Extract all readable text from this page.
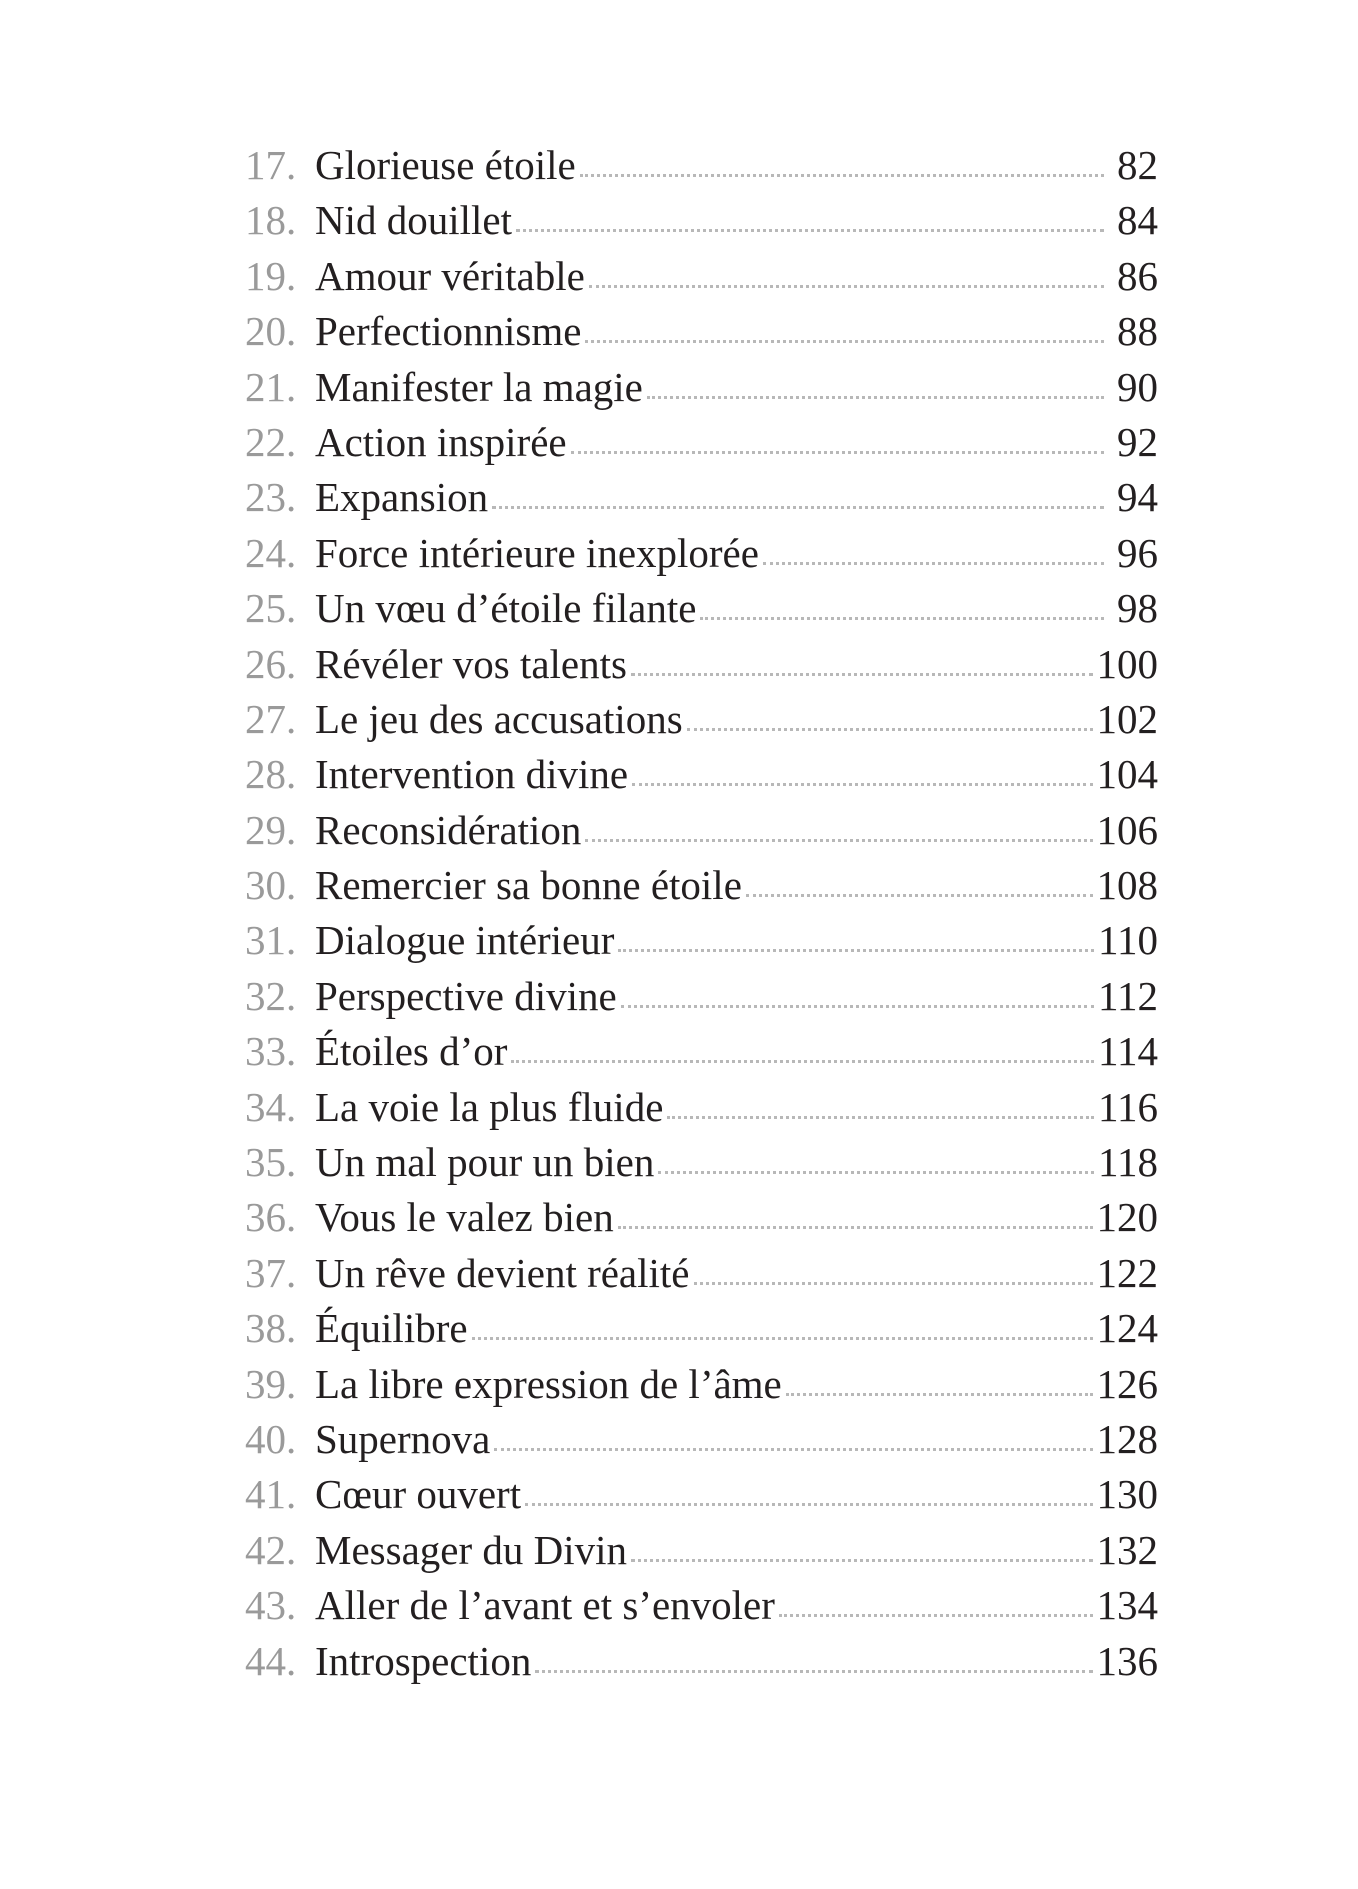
17. Glorieuse étoile	82
18. Nid douillet	84
19. Amour véritable	86
20. Perfectionnisme	88
21. Manifester la magie	90
22. Action inspirée	92
23. Expansion	94
24. Force intérieure inexplorée	96
25. Un vœu d’étoile filante	98
26. Révéler vos talents	100
27. Le jeu des accusations	102
28. Intervention divine	104
29. Reconsidération	106
30. Remercier sa bonne étoile	108
31. Dialogue intérieur	110
32. Perspective divine	112
33. Étoiles d’or	114
34. La voie la plus fluide	116
35. Un mal pour un bien	118
36. Vous le valez bien	120
37. Un rêve devient réalité	122
38. Équilibre	124
39. La libre expression de l’âme	126
40. Supernova	128
41. Cœur ouvert	130
42. Messager du Divin	132
43. Aller de l’avant et s’envoler	134
44. Introspection	136
